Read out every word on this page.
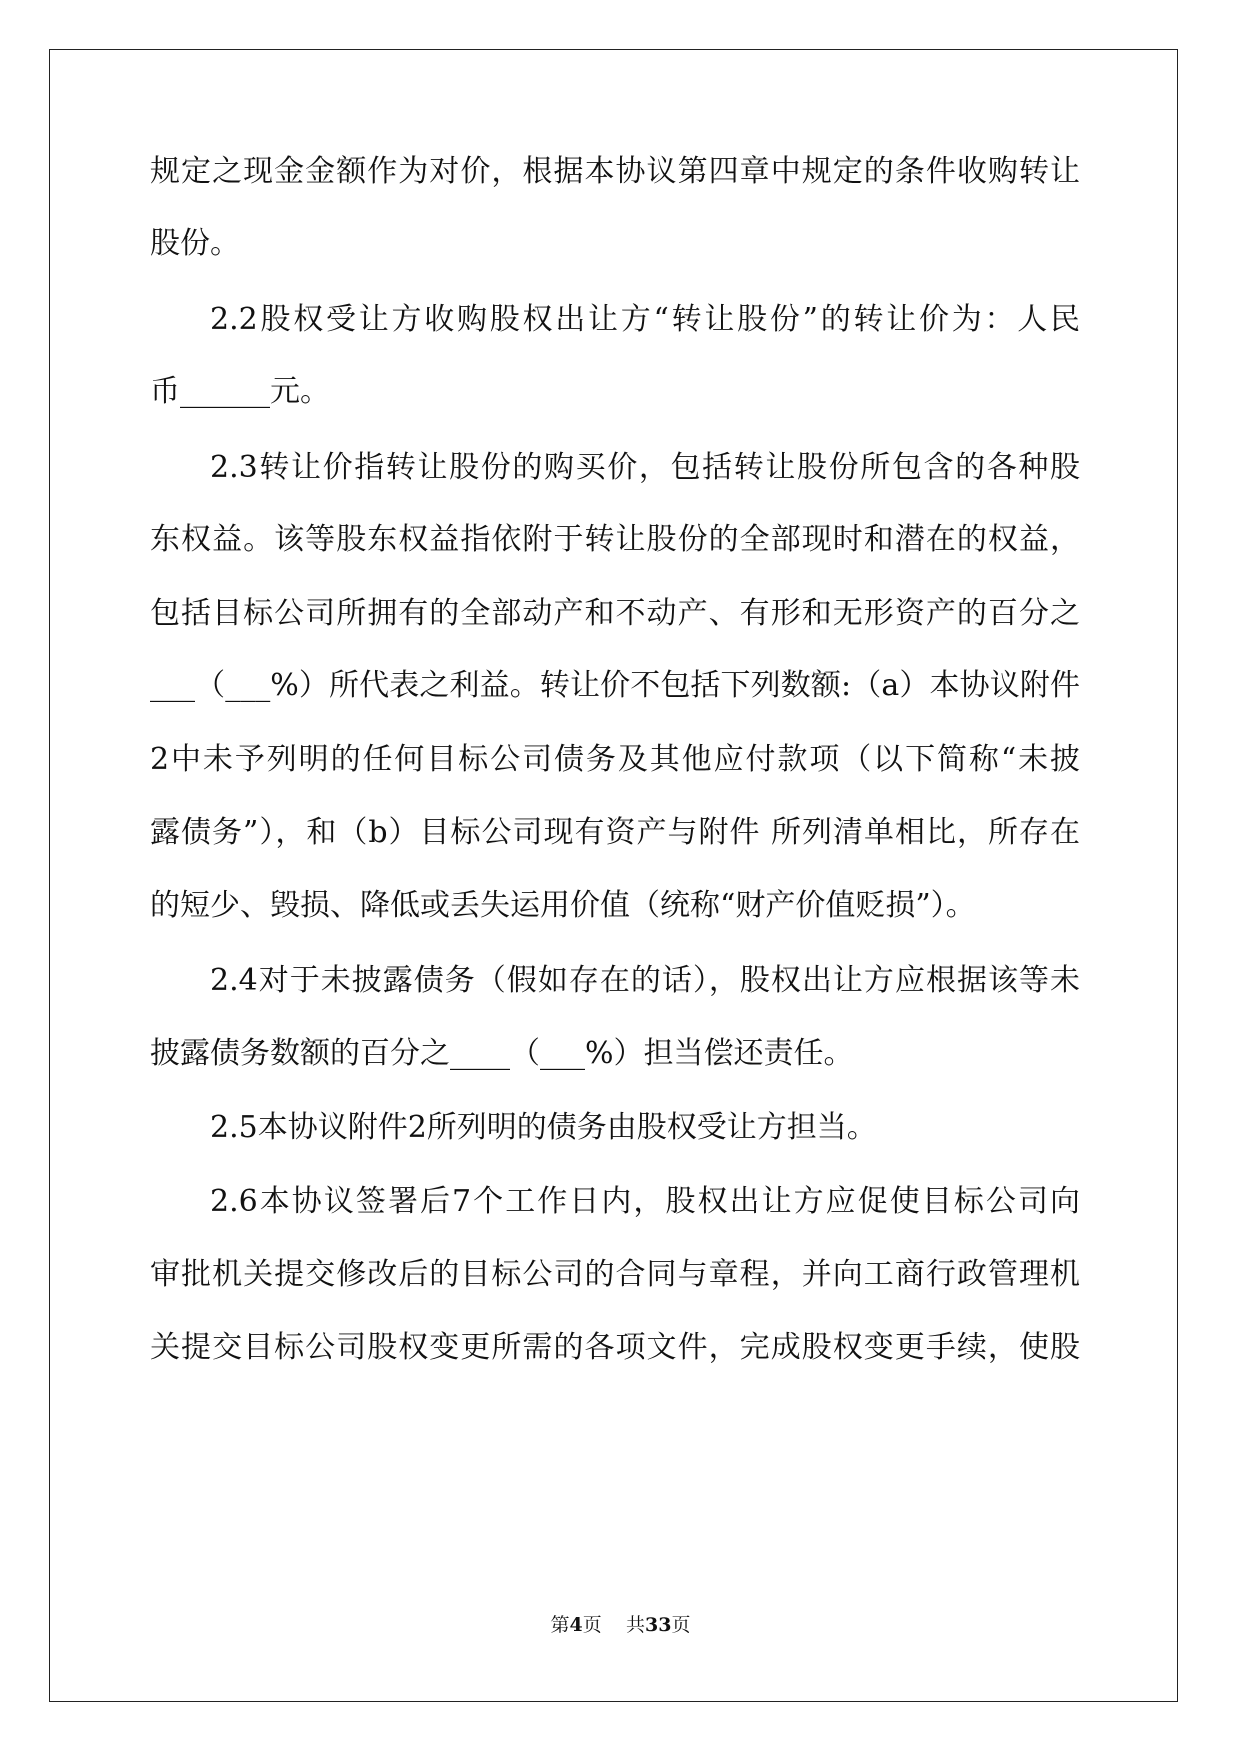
规定之现金金额作为对价，根据本协议第四章中规定的条件收购转让
股份。
2.2股权受让方收购股权出让方“转让股份”的转让价为：人民
币______元。
2.3转让价指转让股份的购买价，包括转让股份所包含的各种股
东权益。该等股东权益指依附于转让股份的全部现时和潜在的权益，
包括目标公司所拥有的全部动产和不动产、有形和无形资产的百分之
___（___%）所代表之利益。转让价不包括下列数额:（a）本协议附件
2中未予列明的任何目标公司债务及其他应付款项（以下简称“未披
露债务”），和（b）目标公司现有资产与附件 所列清单相比，所存在
的短少、毁损、降低或丢失运用价值（统称“财产价值贬损”）。
2.4对于未披露债务（假如存在的话），股权出让方应根据该等未
披露债务数额的百分之____（___%）担当偿还责任。
2.5本协议附件2所列明的债务由股权受让方担当。
2.6本协议签署后7个工作日内，股权出让方应促使目标公司向
审批机关提交修改后的目标公司的合同与章程，并向工商行政管理机
关提交目标公司股权变更所需的各项文件，完成股权变更手续，使股
第4页 共33页
